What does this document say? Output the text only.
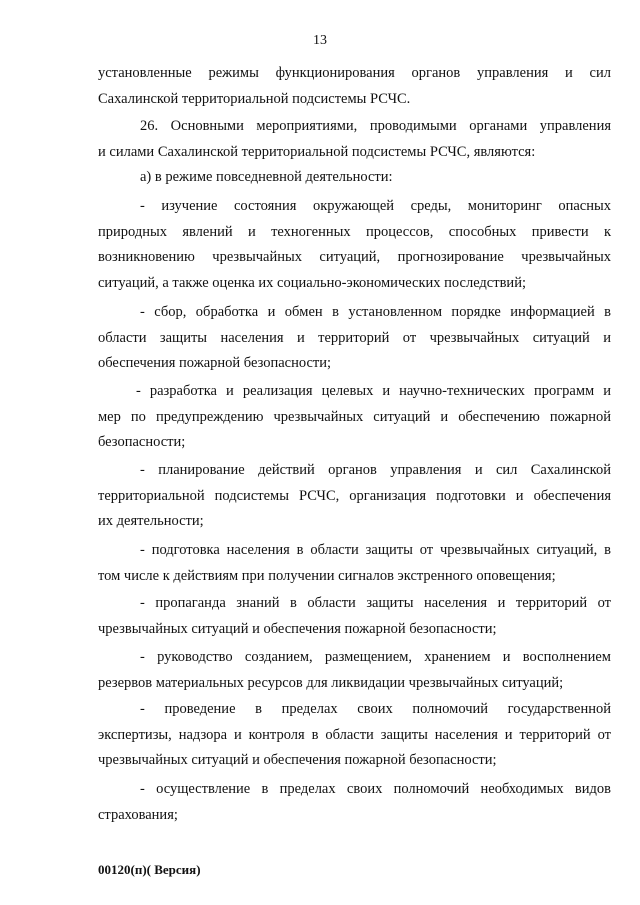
13
установленные режимы функционирования органов управления и сил
Сахалинской территориальной подсистемы РСЧС.
26. Основными мероприятиями, проводимыми органами управления
и силами Сахалинской территориальной подсистемы РСЧС, являются:
а) в режиме повседневной деятельности:
- изучение состояния окружающей среды, мониторинг опасных
природных явлений и техногенных процессов, способных привести к
возникновению чрезвычайных ситуаций, прогнозирование чрезвычайных
ситуаций, а также оценка их социально-экономических последствий;
- сбор, обработка и обмен в установленном порядке информацией в
области защиты населения и территорий от чрезвычайных ситуаций и
обеспечения пожарной безопасности;
- разработка и реализация целевых и научно-технических программ и
мер по предупреждению чрезвычайных ситуаций и обеспечению пожарной
безопасности;
- планирование действий органов управления и сил Сахалинской
территориальной подсистемы РСЧС, организация подготовки и обеспечения
их деятельности;
- подготовка населения в области защиты от чрезвычайных ситуаций, в
том числе к действиям при получении сигналов экстренного оповещения;
- пропаганда знаний в области защиты населения и территорий от
чрезвычайных ситуаций и обеспечения пожарной безопасности;
- руководство созданием, размещением, хранением и восполнением
резервов материальных ресурсов для ликвидации чрезвычайных ситуаций;
- проведение в пределах своих полномочий государственной
экспертизы, надзора и контроля в области защиты населения и территорий от
чрезвычайных ситуаций и обеспечения пожарной безопасности;
- осуществление в пределах своих полномочий необходимых видов
страхования;
00120(п)( Версия)
